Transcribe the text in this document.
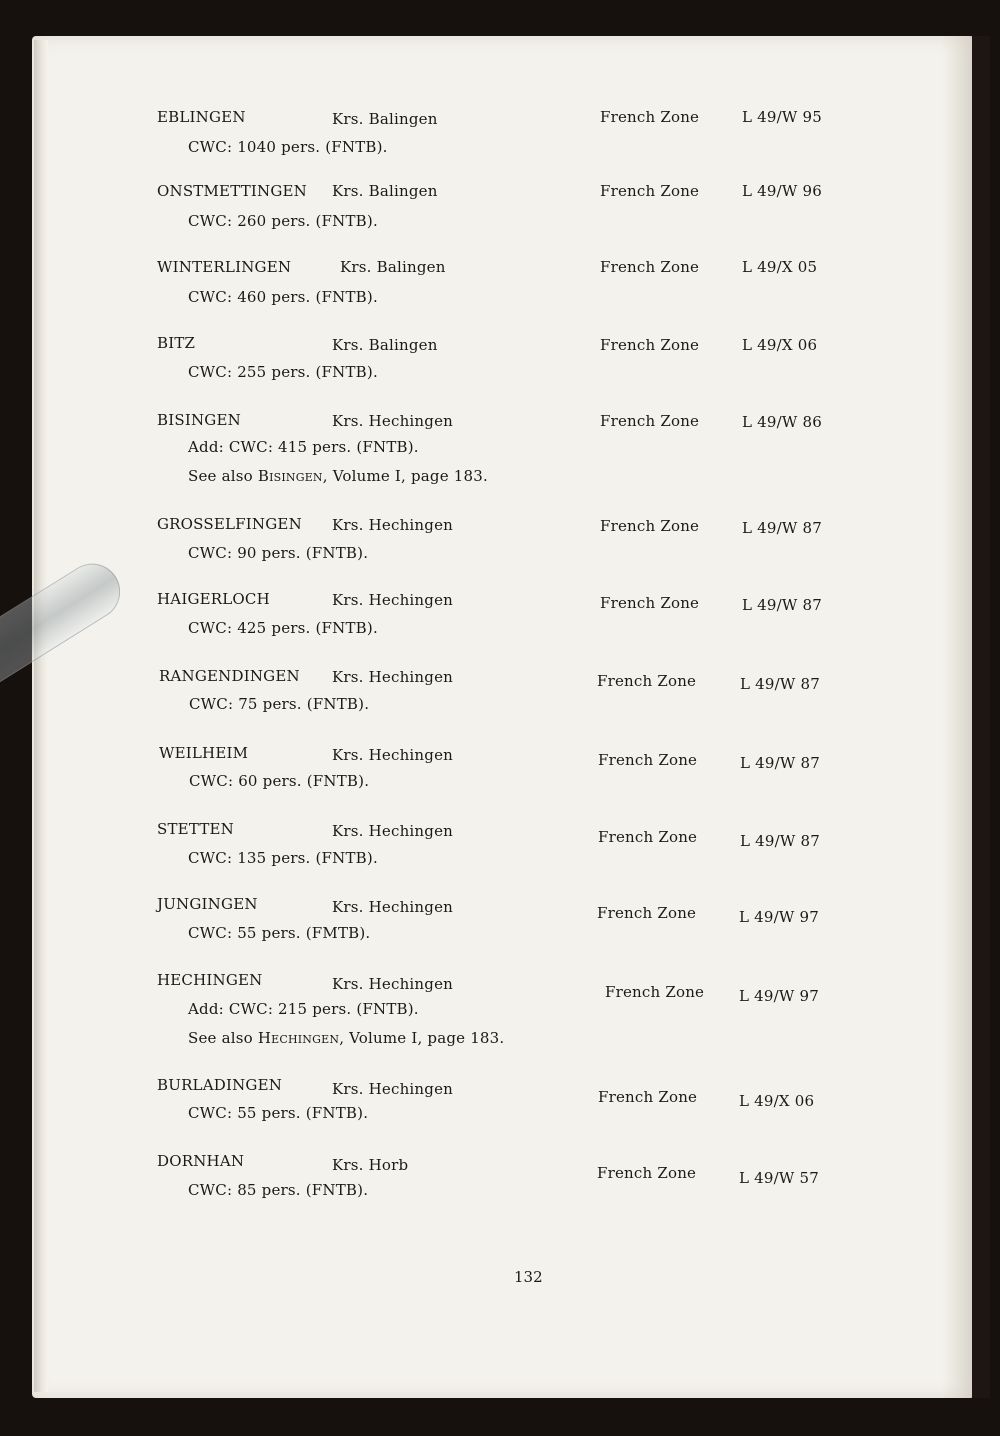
EBLINGEN	Krs. Balingen	French Zone	L 49/W 95
CWC: 1040 pers. (FNTB).
ONSTMETTINGEN Krs. Balingen	French Zone	L 49/W 96
CWC: 260 pers. (FNTB).
WINTERLINGEN	Krs. Balingen	French Zone	L 49/X 05
CWC: 460 pers. (FNTB).
BITZ	Krs. Balingen	French Zone	L 49/X 06
CWC: 255 pers. (FNTB).
BISINGEN	Krs. Hechingen	French Zone	L 49/W 86
Add: CWC: 415 pers. (FNTB).
See also Bisingen, Volume I, page 183.
GROSSELFINGEN Krs. Hechingen	French Zone	L 49/W 87
CWC: 90 pers. (FNTB).
HAIGERLOCH	Krs. Hechingen	French Zone	L 49/W 87
CWC: 425 pers. (FNTB).
RANGENDINGEN Krs. Hechingen	French Zone	L 49/W 87
CWC: 75 pers. (FNTB).
WEILHEIM	Krs. Hechingen	French Zone	L 49/W 87
CWC: 60 pers. (FNTB).
STETTEN	Krs. Hechingen	French Zone	L 49/W 87
CWC: 135 pers. (FNTB).
JUNGINGEN	Krs. Hechingen	French Zone	L 49/W 97
CWC: 55 pers. (FMTB).
HECHINGEN	Krs. Hechingen	French Zone L 49/W 97
Add: CWC: 215 pers. (FNTB).
See also Hechingen, Volume I, page 183.
BURLADINGEN	Krs. Hechingen	French Zone	L 49/X 06
CWC: 55 pers. (FNTB).
DORNHAN	Krs. Horb	French Zone	L 49/W 57
CWC: 85 pers. (FNTB).
132
